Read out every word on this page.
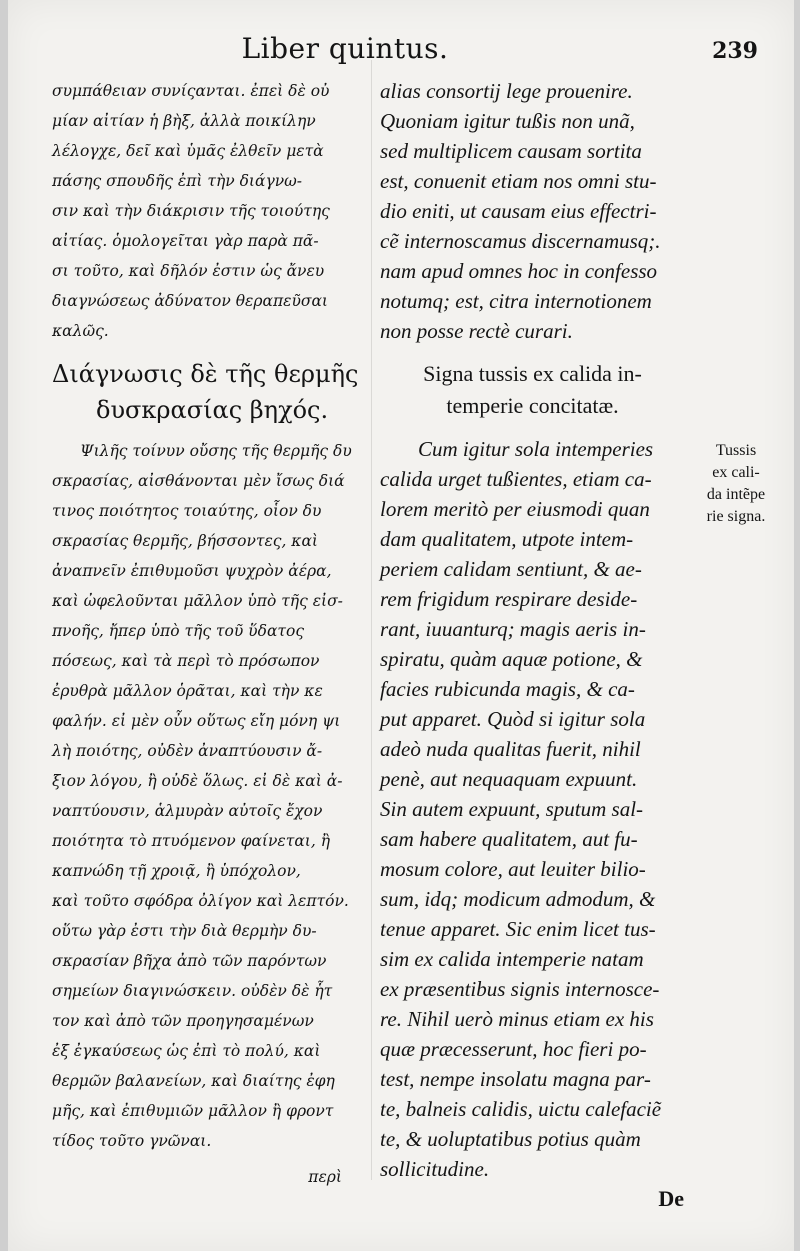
Liber quintus.	239
συμπάθειαν συνίςανται. ἐπεὶ δὲ οὐ
μίαν αἰτίαν ἡ βὴξ, ἀλλὰ ποικίλην
λέλογχε, δεῖ καὶ ὑμᾶς ἐλθεῖν μετὰ
πάσης σπουδῆς ἐπὶ τὴν διάγνω-
σιν καὶ τὴν διάκρισιν τῆς τοιούτης
αἰτίας. ὁμολογεῖται γὰρ παρὰ πᾶ-
σι τοῦτο, καὶ δῆλόν ἐστιν ὡς ἄνευ
διαγνώσεως ἀδύνατον θεραπεῦσαι
καλῶς.
Διάγνωσις δὲ τῆς θερμῆς
δυσκρασίας βηχός.
Ψιλῆς τοίνυν οὔσης τῆς θερμῆς δυ
σκρασίας, αἰσθάνονται μὲν ἴσως διά
τινος ποιότητος τοιαύτης, οἷον δυ
σκρασίας θερμῆς, βήσσοντες, καὶ
ἀναπνεῖν ἐπιθυμοῦσι ψυχρὸν ἀέρα,
καὶ ὠφελοῦνται μᾶλλον ὑπὸ τῆς εἰσ-
πνοῆς, ἤπερ ὑπὸ τῆς τοῦ ὕδατος
πόσεως, καὶ τὰ περὶ τὸ πρόσωπον
ἐρυθρὰ μᾶλλον ὁρᾶται, καὶ τὴν κε
φαλήν. εἰ μὲν οὖν οὕτως εἴη μόνη ψι
λὴ ποιότης, οὐδὲν ἀναπτύουσιν ἄ-
ξιον λόγου, ἢ οὐδὲ ὅλως. εἰ δὲ καὶ ἀ-
ναπτύουσιν, ἁλμυρὰν αὐτοῖς ἔχον
ποιότητα τὸ πτυόμενον φαίνεται, ἢ
καπνώδη τῇ χροιᾷ, ἢ ὑπόχολον,
καὶ τοῦτο σφόδρα ὀλίγον καὶ λεπτόν.
οὕτω γὰρ ἐστι τὴν διὰ θερμὴν δυ-
σκρασίαν βῆχα ἀπὸ τῶν παρόντων
σημείων διαγινώσκειν. οὐδὲν δὲ ἧτ
τον καὶ ἀπὸ τῶν προηγησαμένων
ἐξ ἐγκαύσεως ὡς ἐπὶ τὸ πολύ, καὶ
θερμῶν βαλανείων, καὶ διαίτης ἐφη
μῆς, καὶ ἐπιθυμιῶν μᾶλλον ἢ φροντ
τίδος τοῦτο γνῶναι.
περὶ
alias consortij lege prouenire.
Quoniam igitur tußis non unã,
sed multiplicem causam sortita
est, conuenit etiam nos omni stu-
dio eniti, ut causam eius effectri-
cẽ internoscamus discernamusq;.
nam apud omnes hoc in confesso
notumq; est, citra internotionem
non posse rectè curari.
Signa tussis ex calida in-
temperie concitatæ.
Cum igitur sola intemperies
calida urget tußientes, etiam ca-
lorem meritò per eiusmodi quan
dam qualitatem, utpote intem-
periem calidam sentiunt, & ae-
rem frigidum respirare deside-
rant, iuuanturq; magis aeris in-
spiratu, quàm aquæ potione, &
facies rubicunda magis, & ca-
put apparet. Quòd si igitur sola
adeò nuda qualitas fuerit, nihil
penè, aut nequaquam expuunt.
Sin autem expuunt, sputum sal-
sam habere qualitatem, aut fu-
mosum colore, aut leuiter bilio-
sum, idq; modicum admodum, &
tenue apparet. Sic enim licet tus-
sim ex calida intemperie natam
ex præsentibus signis internosce-
re. Nihil uerò minus etiam ex his
quæ præcesserunt, hoc fieri po-
test, nempe insolatu magna par-
te, balneis calidis, uictu calefaciẽ
te, & uoluptatibus potius quàm
sollicitudine.
Tussis
ex cali-
da intẽpe
rie signa.
De
